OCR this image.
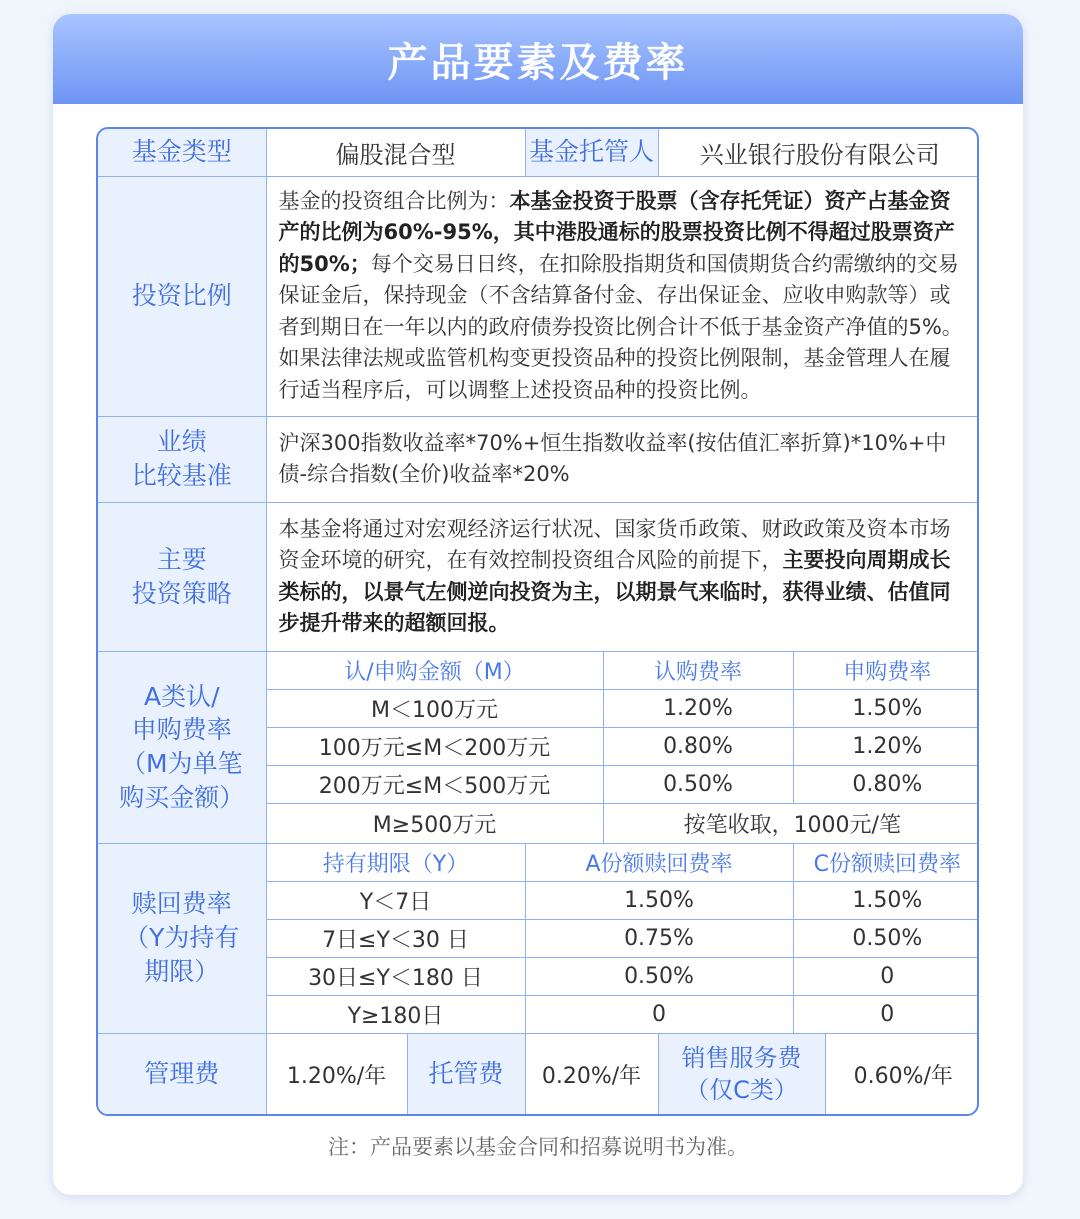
产品要素及费率
基金类型	偏股混合型		基金托管人		兴业银行股份有限公司		
投资比例	基金的投资组合比例为：本基金投资于股票（含存托凭证）资产占基金资产的比例为60%-95%，其中港股通标的股票投资比例不得超过股票资产的50%；每个交易日日终，在扣除股指期货和国债期货合约需缴纳的交易保证金后，保持现金（不含结算备付金、存出保证金、应收申购款等）或者到期日在一年以内的政府债券投资比例合计不低于基金资产净值的5%。如果法律法规或监管机构变更投资品种的投资比例限制，基金管理人在履行适当程序后，可以调整上述投资品种的投资比例。						
业绩
比较基准	沪深300指数收益率*70%+恒生指数收益率(按估值汇率折算)*10%+中债-综合指数(全价)收益率*20%						
主要
投资策略	本基金将通过对宏观经济运行状况、国家货币政策、财政政策及资本市场资金环境的研究，在有效控制投资组合风险的前提下，主要投向周期成长类标的，以景气左侧逆向投资为主，以期景气来临时，获得业绩、估值同步提升带来的超额回报。						
A类认/
申购费率
（M为单笔
购买金额）	认/申购金额（M）			认购费率		申购费率	
	M＜100万元			1.20%		1.50%	
	100万元≤M＜200万元			0.80%		1.20%	
	200万元≤M＜500万元			0.50%		0.80%	
	M≥500万元			按笔收取，1000元/笔			
赎回费率
（Y为持有
期限）	持有期限（Y）		A份额赎回费率			C份额赎回费率	
	Y＜7日		1.50%			1.50%	
	7日≤Y＜30 日		0.75%			0.50%	
	30日≤Y＜180 日		0.50%			0	
	Y≥180日		0			0	
管理费	1.20%/年	托管费	0.20%/年		销售服务费
（仅C类）		0.60%/年
注：产品要素以基金合同和招募说明书为准。
